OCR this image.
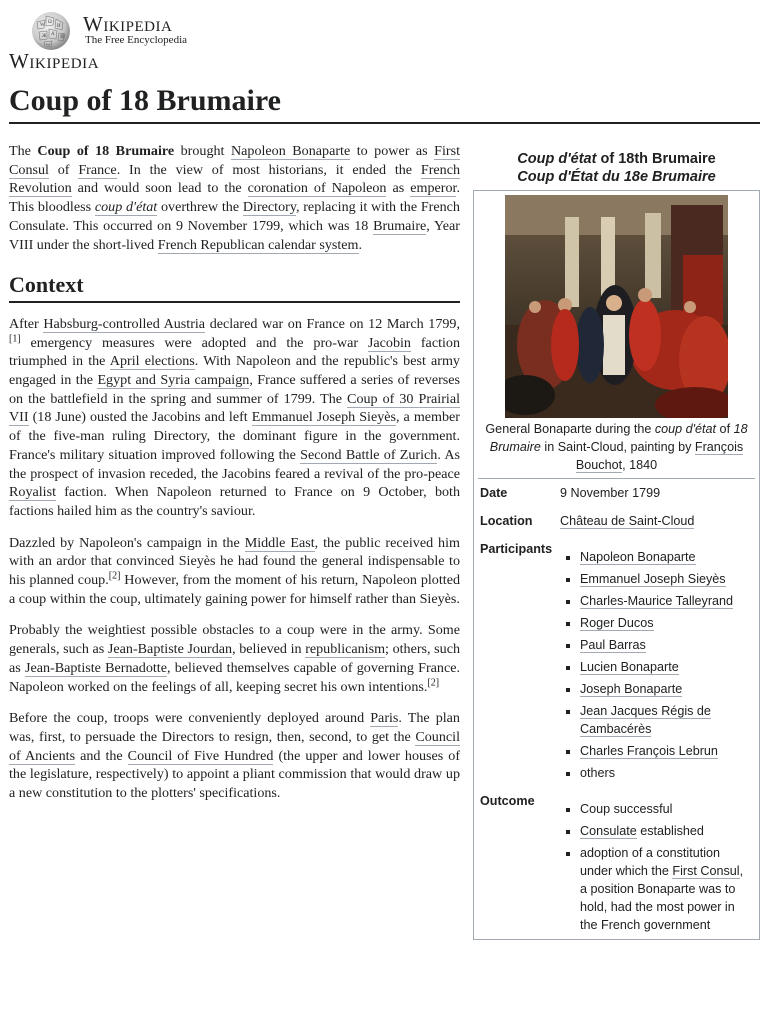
W
Ω
И
Ж A
維
ب
Wikipedia
The Free Encyclopedia
Wikipedia
Coup of 18 Brumaire

The Coup of 18 Brumaire brought Napoleon Bonaparte to power as First Consul of France. In the view of most historians, it ended the French Revolution and would soon lead to the coronation of Napoleon as emperor. This bloodless coup d'état overthrew the Directory, replacing it with the French Consulate. This occurred on 9 November 1799, which was 18 Brumaire, Year VIII under the short-lived French Republican calendar system.

Context

After Habsburg-controlled Austria declared war on France on 12 March 1799,[1] emergency measures were adopted and the pro-war Jacobin faction triumphed in the April elections. With Napoleon and the republic's best army engaged in the Egypt and Syria campaign, France suffered a series of reverses on the battlefield in the spring and summer of 1799. The Coup of 30 Prairial VII (18 June) ousted the Jacobins and left Emmanuel Joseph Sieyès, a member of the five-man ruling Directory, the dominant figure in the government. France's military situation improved following the Second Battle of Zurich. As the prospect of invasion receded, the Jacobins feared a revival of the pro-peace Royalist faction. When Napoleon returned to France on 9 October, both factions hailed him as the country's saviour.

Dazzled by Napoleon's campaign in the Middle East, the public received him with an ardor that convinced Sieyès he had found the general indispensable to his planned coup.[2] However, from the moment of his return, Napoleon plotted a coup within the coup, ultimately gaining power for himself rather than Sieyès.

Probably the weightiest possible obstacles to a coup were in the army. Some generals, such as Jean-Baptiste Jourdan, believed in republicanism; others, such as Jean-Baptiste Bernadotte, believed themselves capable of governing France. Napoleon worked on the feelings of all, keeping secret his own intentions.[2]

Before the coup, troops were conveniently deployed around Paris. The plan was, first, to persuade the Directors to resign, then, second, to get the Council of Ancients and the Council of Five Hundred (the upper and lower houses of the legislature, respectively) to appoint a pliant commission that would draw up a new constitution to the plotters' specifications.

Coup d'état of 18th Brumaire
Coup d'État du 18e Brumaire
General Bonaparte during the coup d'état of 18 Brumaire in Saint-Cloud, painting by François Bouchot, 1840
Date	9 November 1799
Location	Château de Saint-Cloud
Participants
▪ Napoleon Bonaparte
▪ Emmanuel Joseph Sieyès
▪ Charles-Maurice Talleyrand
▪ Roger Ducos
▪ Paul Barras
▪ Lucien Bonaparte
▪ Joseph Bonaparte
▪ Jean Jacques Régis de Cambacérès
▪ Charles François Lebrun
▪ others
Outcome
▪ Coup successful
▪ Consulate established
▪ adoption of a constitution under which the First Consul, a position Bonaparte was to hold, had the most power in the French government
